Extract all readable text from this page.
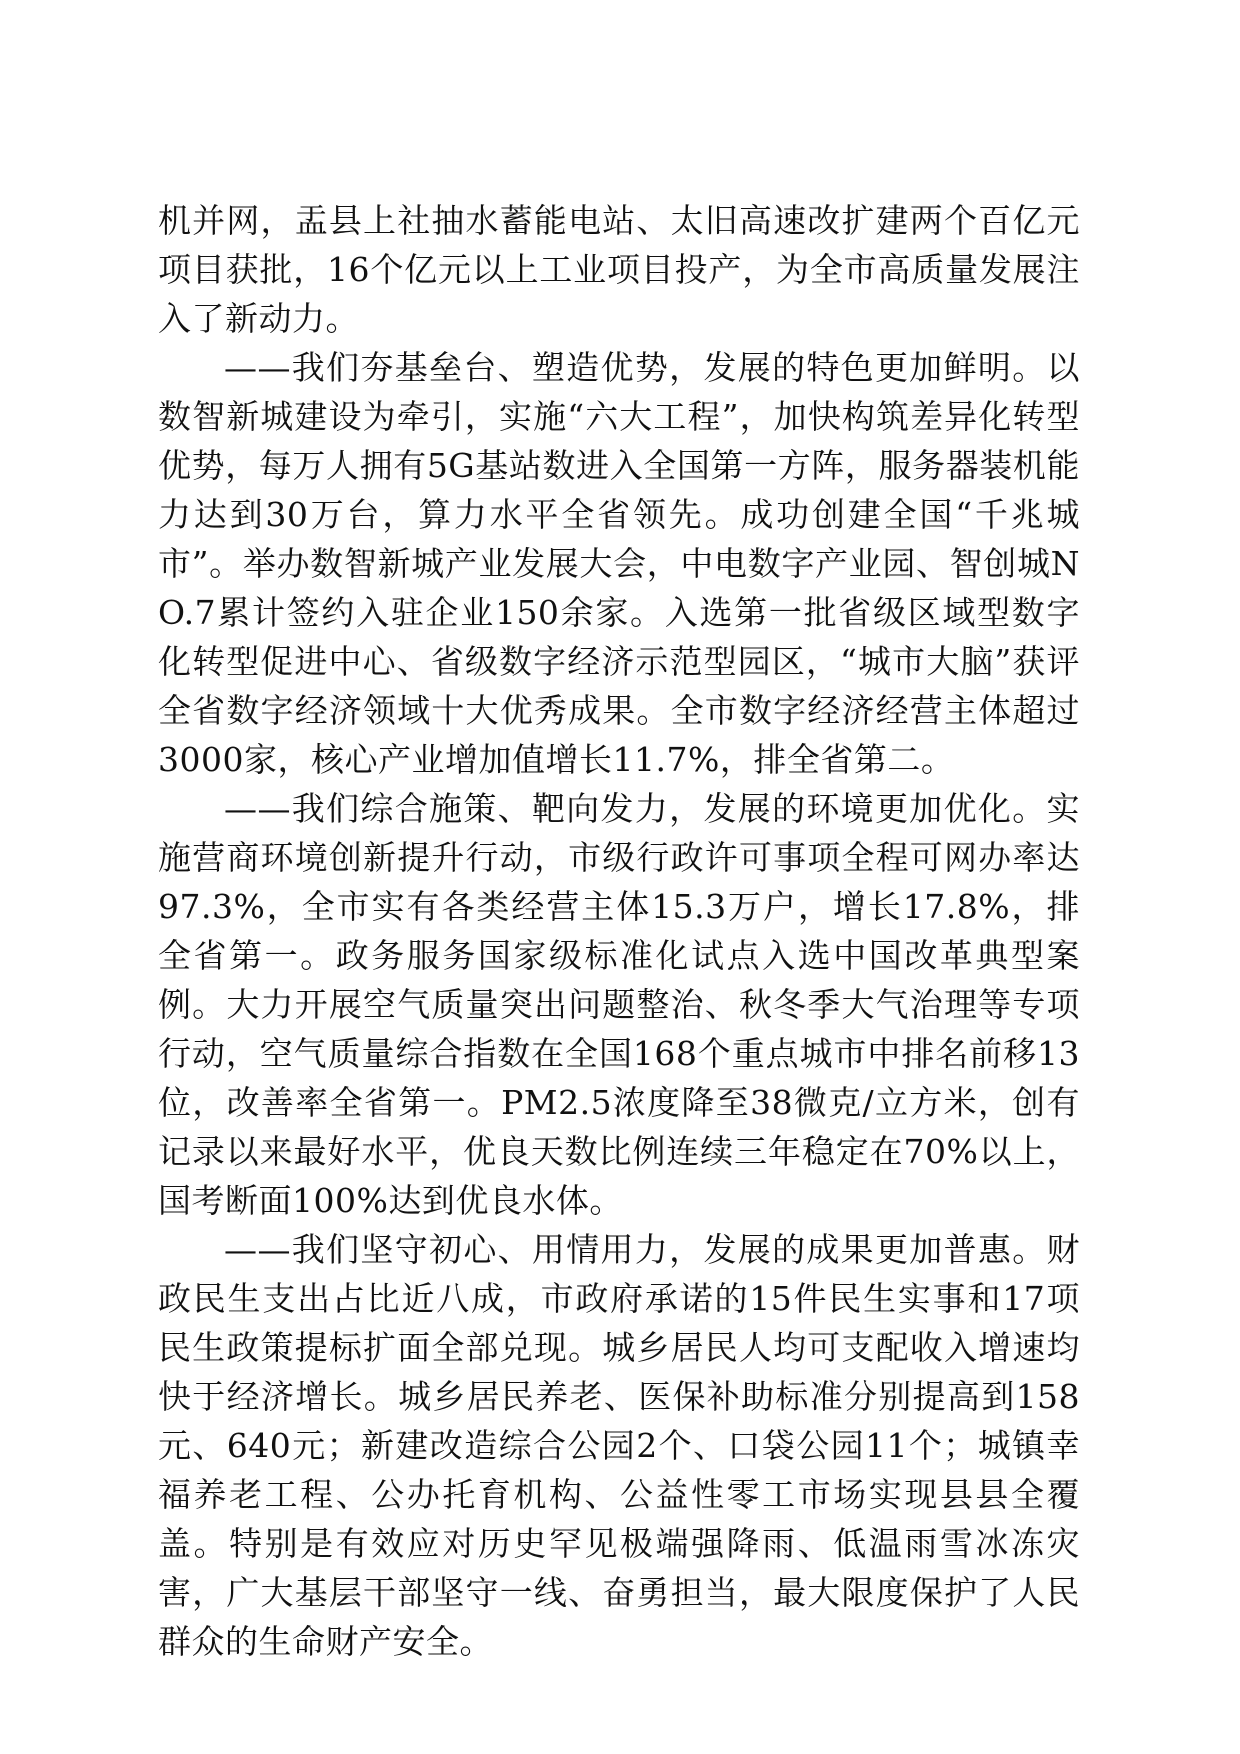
机并网，盂县上社抽水蓄能电站、太旧高速改扩建两个百亿元项目获批，16个亿元以上工业项目投产，为全市高质量发展注入了新动力。

——我们夯基垒台、塑造优势，发展的特色更加鲜明。以数智新城建设为牵引，实施“六大工程”，加快构筑差异化转型优势，每万人拥有5G基站数进入全国第一方阵，服务器装机能力达到30万台，算力水平全省领先。成功创建全国“千兆城市”。举办数智新城产业发展大会，中电数字产业园、智创城NO.7累计签约入驻企业150余家。入选第一批省级区域型数字化转型促进中心、省级数字经济示范型园区，“城市大脑”获评全省数字经济领域十大优秀成果。全市数字经济经营主体超过3000家，核心产业增加值增长11.7%，排全省第二。

——我们综合施策、靶向发力，发展的环境更加优化。实施营商环境创新提升行动，市级行政许可事项全程可网办率达97.3%，全市实有各类经营主体15.3万户，增长17.8%，排全省第一。政务服务国家级标准化试点入选中国改革典型案例。大力开展空气质量突出问题整治、秋冬季大气治理等专项行动，空气质量综合指数在全国168个重点城市中排名前移13位，改善率全省第一。PM2.5浓度降至38微克/立方米，创有记录以来最好水平，优良天数比例连续三年稳定在70%以上，国考断面100%达到优良水体。

——我们坚守初心、用情用力，发展的成果更加普惠。财政民生支出占比近八成，市政府承诺的15件民生实事和17项民生政策提标扩面全部兑现。城乡居民人均可支配收入增速均快于经济增长。城乡居民养老、医保补助标准分别提高到158元、640元；新建改造综合公园2个、口袋公园11个；城镇幸福养老工程、公办托育机构、公益性零工市场实现县县全覆盖。特别是有效应对历史罕见极端强降雨、低温雨雪冰冻灾害，广大基层干部坚守一线、奋勇担当，最大限度保护了人民群众的生命财产安全。
